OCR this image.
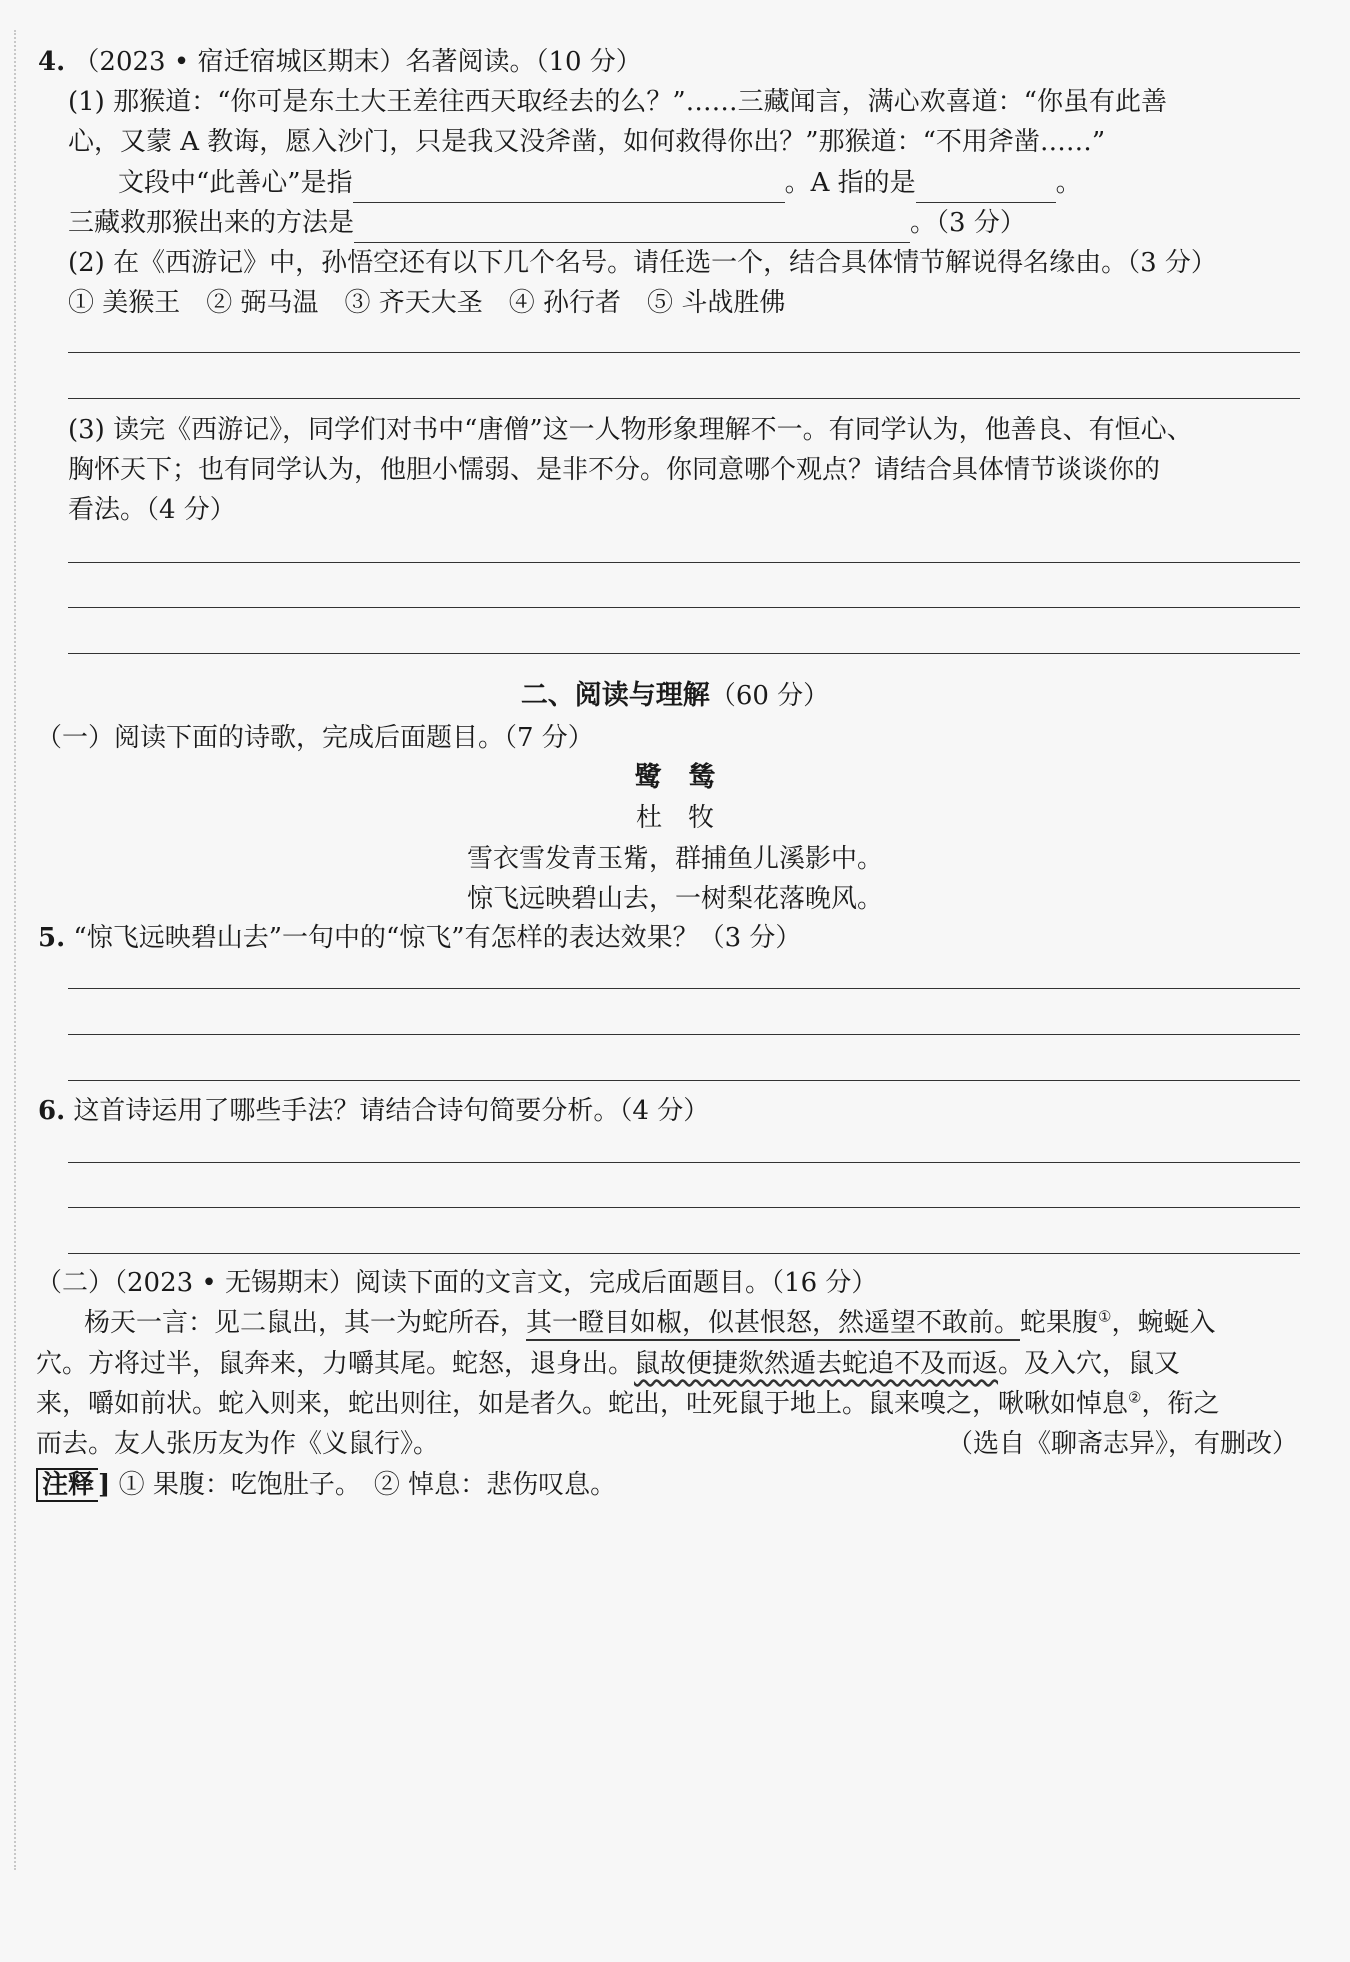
4. （2023 • 宿迁宿城区期末）名著阅读。（10 分）
(1) 那猴道：“你可是东土大王差往西天取经去的么？”……三藏闻言，满心欢喜道：“你虽有此善
心，又蒙 A 教诲，愿入沙门，只是我又没斧凿，如何救得你出？”那猴道：“不用斧凿……”
文段中“此善心”是指	。A 指的是	。
三藏救那猴出来的方法是	。（3 分）
(2) 在《西游记》中，孙悟空还有以下几个名号。请任选一个，结合具体情节解说得名缘由。（3 分）
① 美猴王　② 弼马温　③ 齐天大圣　④ 孙行者　⑤ 斗战胜佛
(3) 读完《西游记》，同学们对书中“唐僧”这一人物形象理解不一。有同学认为，他善良、有恒心、
胸怀天下；也有同学认为，他胆小懦弱、是非不分。你同意哪个观点？请结合具体情节谈谈你的
看法。（4 分）
二、阅读与理解（60 分）
（一）阅读下面的诗歌，完成后面题目。（7 分）
鹭　鸶
杜　牧
雪衣雪发青玉觜，群捕鱼儿溪影中。
惊飞远映碧山去，一树梨花落晚风。
5. “惊飞远映碧山去”一句中的“惊飞”有怎样的表达效果？（3 分）
6. 这首诗运用了哪些手法？请结合诗句简要分析。（4 分）
（二）（2023 • 无锡期末）阅读下面的文言文，完成后面题目。（16 分）
杨天一言：见二鼠出，其一为蛇所吞，其一瞪目如椒，似甚恨怒，然遥望不敢前。蛇果腹①，蜿蜒入
穴。方将过半，鼠奔来，力嚼其尾。蛇怒，退身出。鼠故便捷欻然遁去蛇追不及而返。及入穴，鼠又
来，嚼如前状。蛇入则来，蛇出则往，如是者久。蛇出，吐死鼠于地上。鼠来嗅之，啾啾如悼息②，衔之
而去。友人张历友为作《义鼠行》。	（选自《聊斋志异》，有删改）
注释 ] ① 果腹：吃饱肚子。　② 悼息：悲伤叹息。
